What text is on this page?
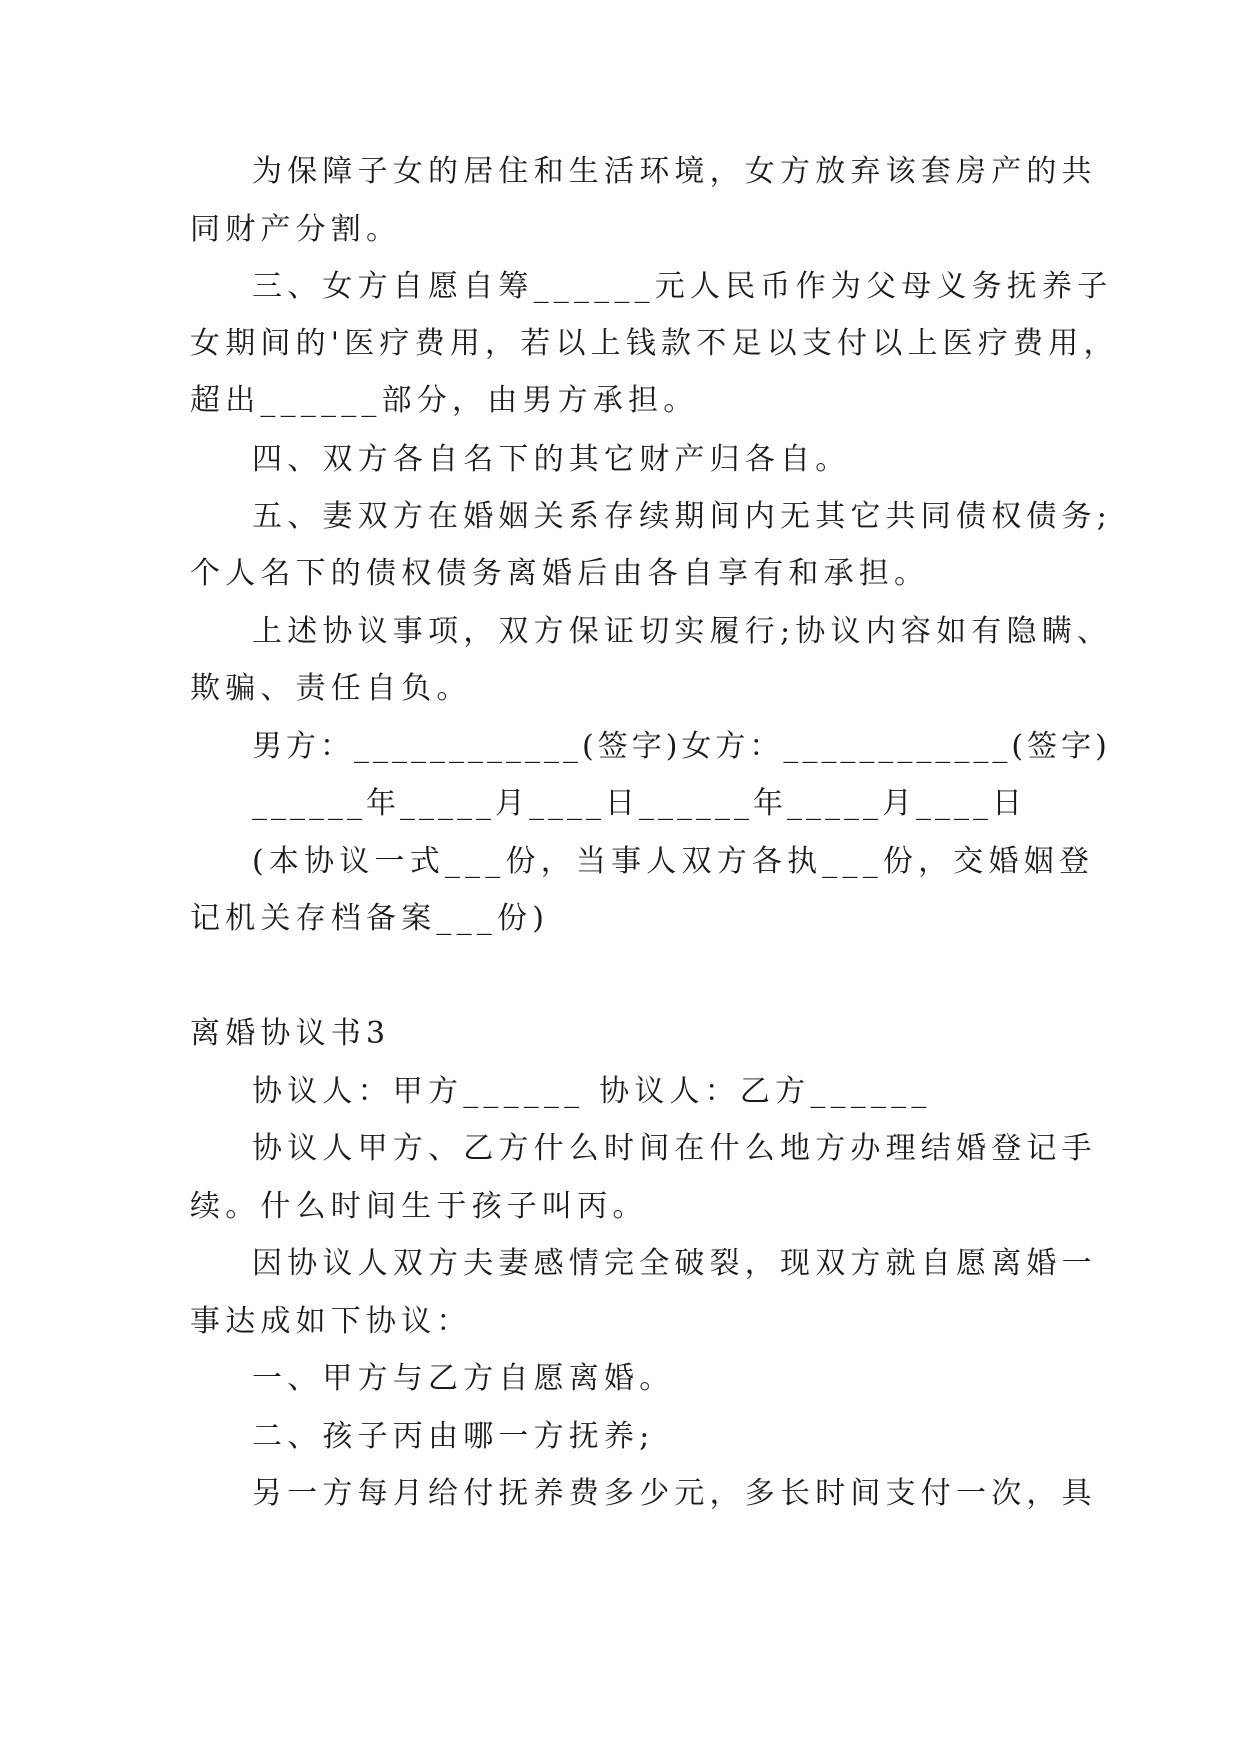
为保障子女的居住和生活环境，女方放弃该套房产的共

同财产分割。

三、女方自愿自筹______元人民币作为父母义务抚养子

女期间的'医疗费用，若以上钱款不足以支付以上医疗费用，

超出______部分，由男方承担。

四、双方各自名下的其它财产归各自。

五、妻双方在婚姻关系存续期间内无其它共同债权债务;

个人名下的债权债务离婚后由各自享有和承担。

上述协议事项，双方保证切实履行;协议内容如有隐瞒、

欺骗、责任自负。

男方：____________(签字)女方：____________(签字)

______年_____月____日______年_____月____日

(本协议一式___份，当事人双方各执___份，交婚姻登

记机关存档备案___份)

离婚协议书3

协议人：甲方______ 协议人：乙方______

协议人甲方、乙方什么时间在什么地方办理结婚登记手

续。什么时间生于孩子叫丙。

因协议人双方夫妻感情完全破裂，现双方就自愿离婚一

事达成如下协议：

一、甲方与乙方自愿离婚。

二、孩子丙由哪一方抚养;

另一方每月给付抚养费多少元，多长时间支付一次，具
